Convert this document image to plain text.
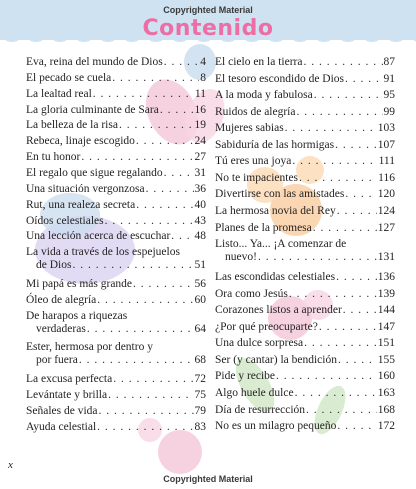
Copyrighted Material
Contenido
Eva, reina del mundo de Dios . . .	4
El pecado se cuela . . .	8
La lealtad real . . .	11
La gloria culminante de Sara . . .	16
La belleza de la risa . . .	19
Rebeca, linaje escogido . . .	24
En tu honor . . .	27
El regalo que sigue regalando . . .	31
Una situación vergonzosa . . .	36
Rut, una realeza secreta . . .	40
Oídos celestiales . . .	43
Una lección acerca de escuchar . . . 48
La vida a través de los espejuelos
de Dios . . .	51
Mi papá es más grande . . .	56
Óleo de alegría . . .	60
De harapos a riquezas
verdaderas . . .	64
Ester, hermosa por dentro y
por fuera . . .	68
La excusa perfecta . . .	72
Levántate y brilla . . .	75
Señales de vida . . .	79
Ayuda celestial . . .	83
El cielo en la tierra . . .	87
El tesoro escondido de Dios . . .	91
A la moda y fabulosa . . .	95
Ruidos de alegría . . .	99
Mujeres sabias . . .	103
Sabiduría de las hormigas . . .	107
Tú eres una joya . . .	111
No te impacientes . . .	116
Divertirse con las amistades . . .	120
La hermosa novia del Rey . . .	124
Planes de la promesa . . .	127
Listo... Ya... ¡A comenzar de
nuevo! . . .	131
Las escondidas celestiales . . .	136
Ora como Jesús . . .	139
Corazones listos a aprender . . .	144
¿Por qué preocuparte? . . .	147
Una dulce sorpresa . . .	151
Ser (y cantar) la bendición . . .	155
Pide y recibe . . .	160
Algo huele dulce . . .	163
Día de resurrección . . .	168
No es un milagro pequeño . . .	172
x
Copyrighted Material
